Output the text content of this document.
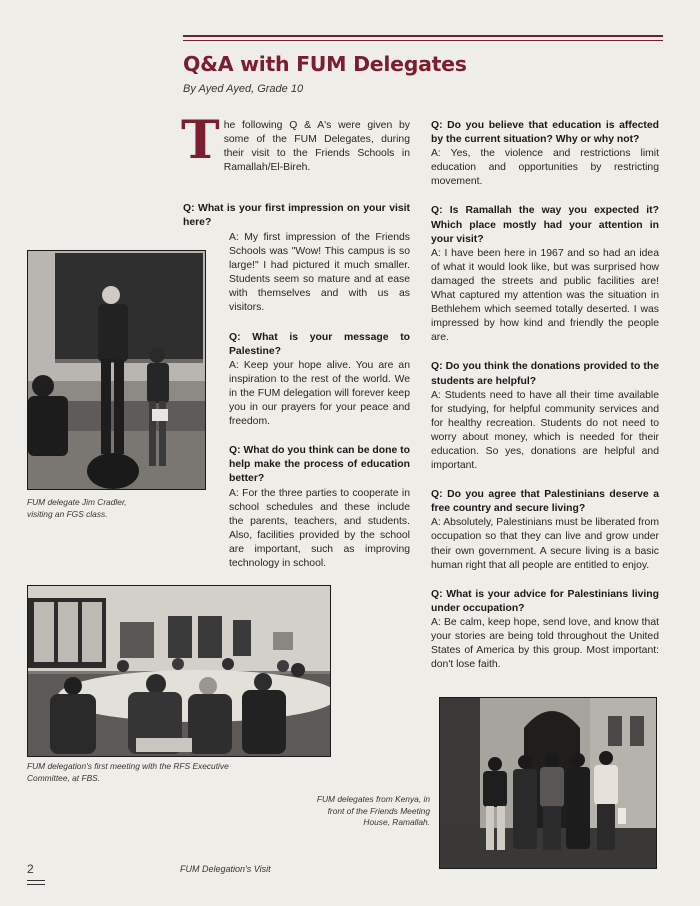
Q&A with FUM Delegates
By Ayed Ayed, Grade 10
T he following Q & A's were given by some of the FUM Delegates, during their visit to the Friends Schools in Ramallah/El-Bireh.
Q: What is your first impression on your visit here?

A: My first impression of the Friends Schools was "Wow! This campus is so large!" I had pictured it much smaller. Students seem so mature and at ease with themselves and with us as visitors.

Q: What is your message to Palestine?

A: Keep your hope alive. You are an inspiration to the rest of the world. We in the FUM delegation will forever keep you in our prayers for your peace and freedom.

Q: What do you think can be done to help make the process of education better?

A: For the three parties to cooperate in school schedules and these include the parents, teachers, and students. Also, facilities provided by the school are important, such as improving technology in school.

Q: Do you believe that education is affected by the current situation? Why or why not?

A: Yes, the violence and restrictions limit education and opportunities by restricting movement.

Q: Is Ramallah the way you expected it? Which place mostly had your attention in your visit?

A: I have been here in 1967 and so had an idea of what it would look like, but was surprised how damaged the streets and public facilities are! What captured my attention was the situation in Bethlehem which seemed totally deserted. I was impressed by how kind and friendly the people are.

Q: Do you think the donations provided to the students are helpful?

A: Students need to have all their time available for studying, for helpful community services and for healthy recreation. Students do not need to worry about money, which is needed for their education. So yes, donations are helpful and important.

Q: Do you agree that Palestinians deserve a free country and secure living?

A: Absolutely, Palestinians must be liberated from occupation so that they can live and grow under their own government. A secure living is a basic human right that all people are entitled to enjoy.

Q: What is your advice for Palestinians living under occupation?

A: Be calm, keep hope, send love, and know that your stories are being told throughout the United States of America by this group. Most important: don't lose faith.

FUM delegate Jim Cradler, visiting an FGS class.
FUM delegation's first meeting with the RFS Executive Committee, at FBS.
FUM delegates from Kenya, in front of the Friends Meeting House, Ramallah.
2	FUM Delegation's Visit
